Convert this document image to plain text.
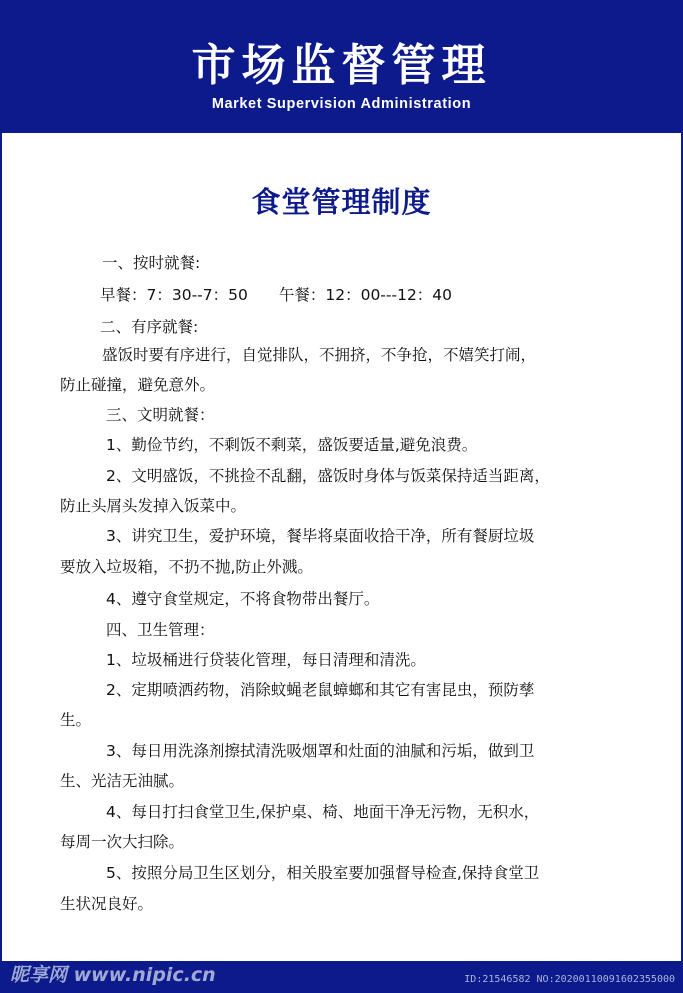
市场监督管理
Market Supervision Administration
食堂管理制度
一、按时就餐:
早餐：7：30--7：50　　午餐：12：00---12：40
二、有序就餐:
盛饭时要有序进行，自觉排队，不拥挤，不争抢，不嬉笑打闹，
防止碰撞，避免意外。
三、文明就餐：
1、勤俭节约，不剩饭不剩菜，盛饭要适量,避免浪费。
2、文明盛饭，不挑捡不乱翻，盛饭时身体与饭菜保持适当距离，
防止头屑头发掉入饭菜中。
3、讲究卫生，爱护环境，餐毕将桌面收拾干净，所有餐厨垃圾
要放入垃圾箱，不扔不抛,防止外溅。
4、遵守食堂规定，不将食物带出餐厅。
四、卫生管理：
1、垃圾桶进行贷装化管理，每日清理和清洗。
2、定期喷洒药物，消除蚊蝇老鼠蟑螂和其它有害昆虫，预防孳
生。
3、每日用洗涤剂擦拭清洗吸烟罩和灶面的油腻和污垢，做到卫
生、光洁无油腻。
4、每日打扫食堂卫生,保护桌、椅、地面干净无污物，无积水，
每周一次大扫除。
5、按照分局卫生区划分，相关股室要加强督导检查,保持食堂卫
生状况良好。
ID:21546582 NO:20200110091602355000
昵享网 www.nipic.cn
